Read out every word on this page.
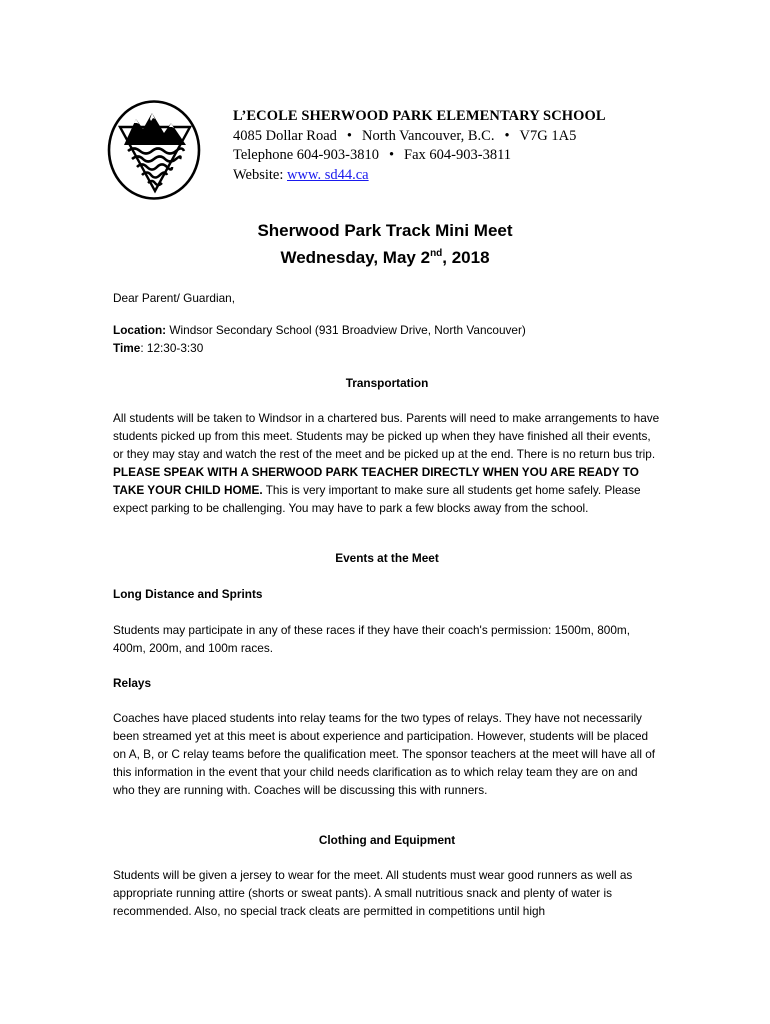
L’ECOLE SHERWOOD PARK ELEMENTARY SCHOOL
4085 Dollar Road • North Vancouver, B.C. • V7G 1A5
Telephone 604-903-3810 • Fax 604-903-3811
Website: www. sd44.ca
Sherwood Park Track Mini Meet
Wednesday, May 2nd, 2018
Dear Parent/ Guardian,

Location: Windsor Secondary School (931 Broadview Drive, North Vancouver)

Time: 12:30-3:30

Transportation
All students will be taken to Windsor in a chartered bus. Parents will need to make arrangements to have students picked up from this meet. Students may be picked up when they have finished all their events, or they may stay and watch the rest of the meet and be picked up at the end. There is no return bus trip. PLEASE SPEAK WITH A SHERWOOD PARK TEACHER DIRECTLY WHEN YOU ARE READY TO TAKE YOUR CHILD HOME. This is very important to make sure all students get home safely. Please expect parking to be challenging. You may have to park a few blocks away from the school.
Events at the Meet
Long Distance and Sprints
Students may participate in any of these races if they have their coach's permission: 1500m, 800m, 400m, 200m, and 100m races.
Relays
Coaches have placed students into relay teams for the two types of relays. They have not necessarily been streamed yet at this meet is about experience and participation. However, students will be placed on A, B, or C relay teams before the qualification meet. The sponsor teachers at the meet will have all of this information in the event that your child needs clarification as to which relay team they are on and who they are running with. Coaches will be discussing this with runners.
Clothing and Equipment
Students will be given a jersey to wear for the meet. All students must wear good runners as well as appropriate running attire (shorts or sweat pants). A small nutritious snack and plenty of water is recommended. Also, no special track cleats are permitted in competitions until high
